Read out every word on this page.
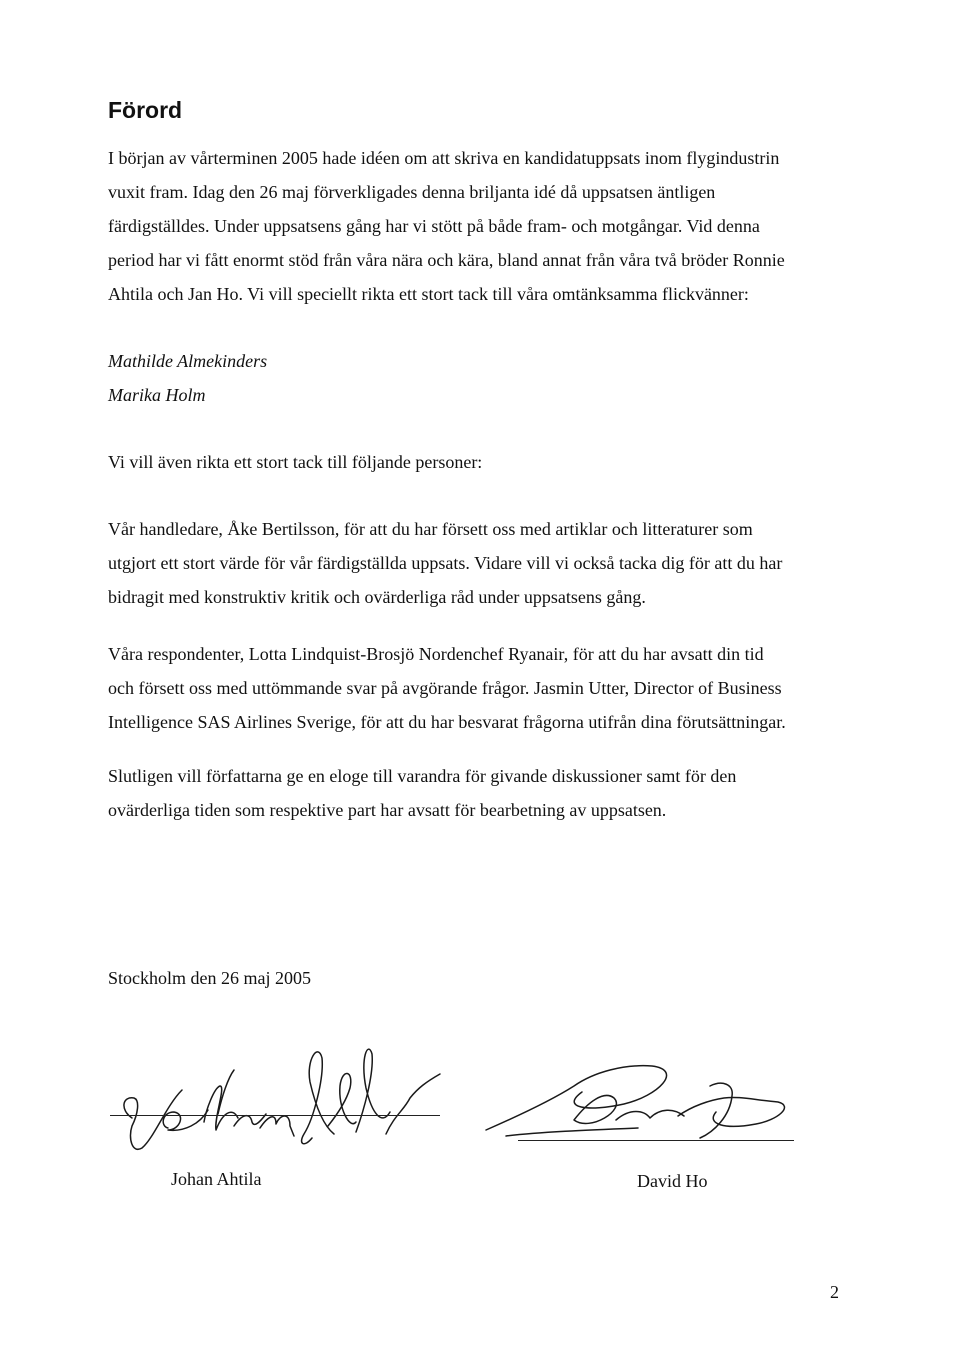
Förord
I början av vårterminen 2005 hade idéen om att skriva en kandidatuppsats inom flygindustrin
vuxit fram. Idag den 26 maj förverkligades denna briljanta idé då uppsatsen äntligen
färdigställdes. Under uppsatsens gång har vi stött på både fram- och motgångar. Vid denna
period har vi fått enormt stöd från våra nära och kära, bland annat från våra två bröder Ronnie
Ahtila och Jan Ho. Vi vill speciellt rikta ett stort tack till våra omtänksamma flickvänner:
Mathilde Almekinders
Marika Holm
Vi vill även rikta ett stort tack till följande personer:
Vår handledare, Åke Bertilsson, för att du har försett oss med artiklar och litteraturer som
utgjort ett stort värde för vår färdigställda uppsats. Vidare vill vi också tacka dig för att du har
bidragit med konstruktiv kritik och ovärderliga råd under uppsatsens gång.
Våra respondenter, Lotta Lindquist-Brosjö Nordenchef Ryanair, för att du har avsatt din tid
och försett oss med uttömmande svar på avgörande frågor. Jasmin Utter, Director of Business
Intelligence SAS Airlines Sverige, för att du har besvarat frågorna utifrån dina förutsättningar.
Slutligen vill författarna ge en eloge till varandra för givande diskussioner samt för den
ovärderliga tiden som respektive part har avsatt för bearbetning av uppsatsen.
Stockholm den 26 maj 2005
Johan Ahtila	David Ho
2
